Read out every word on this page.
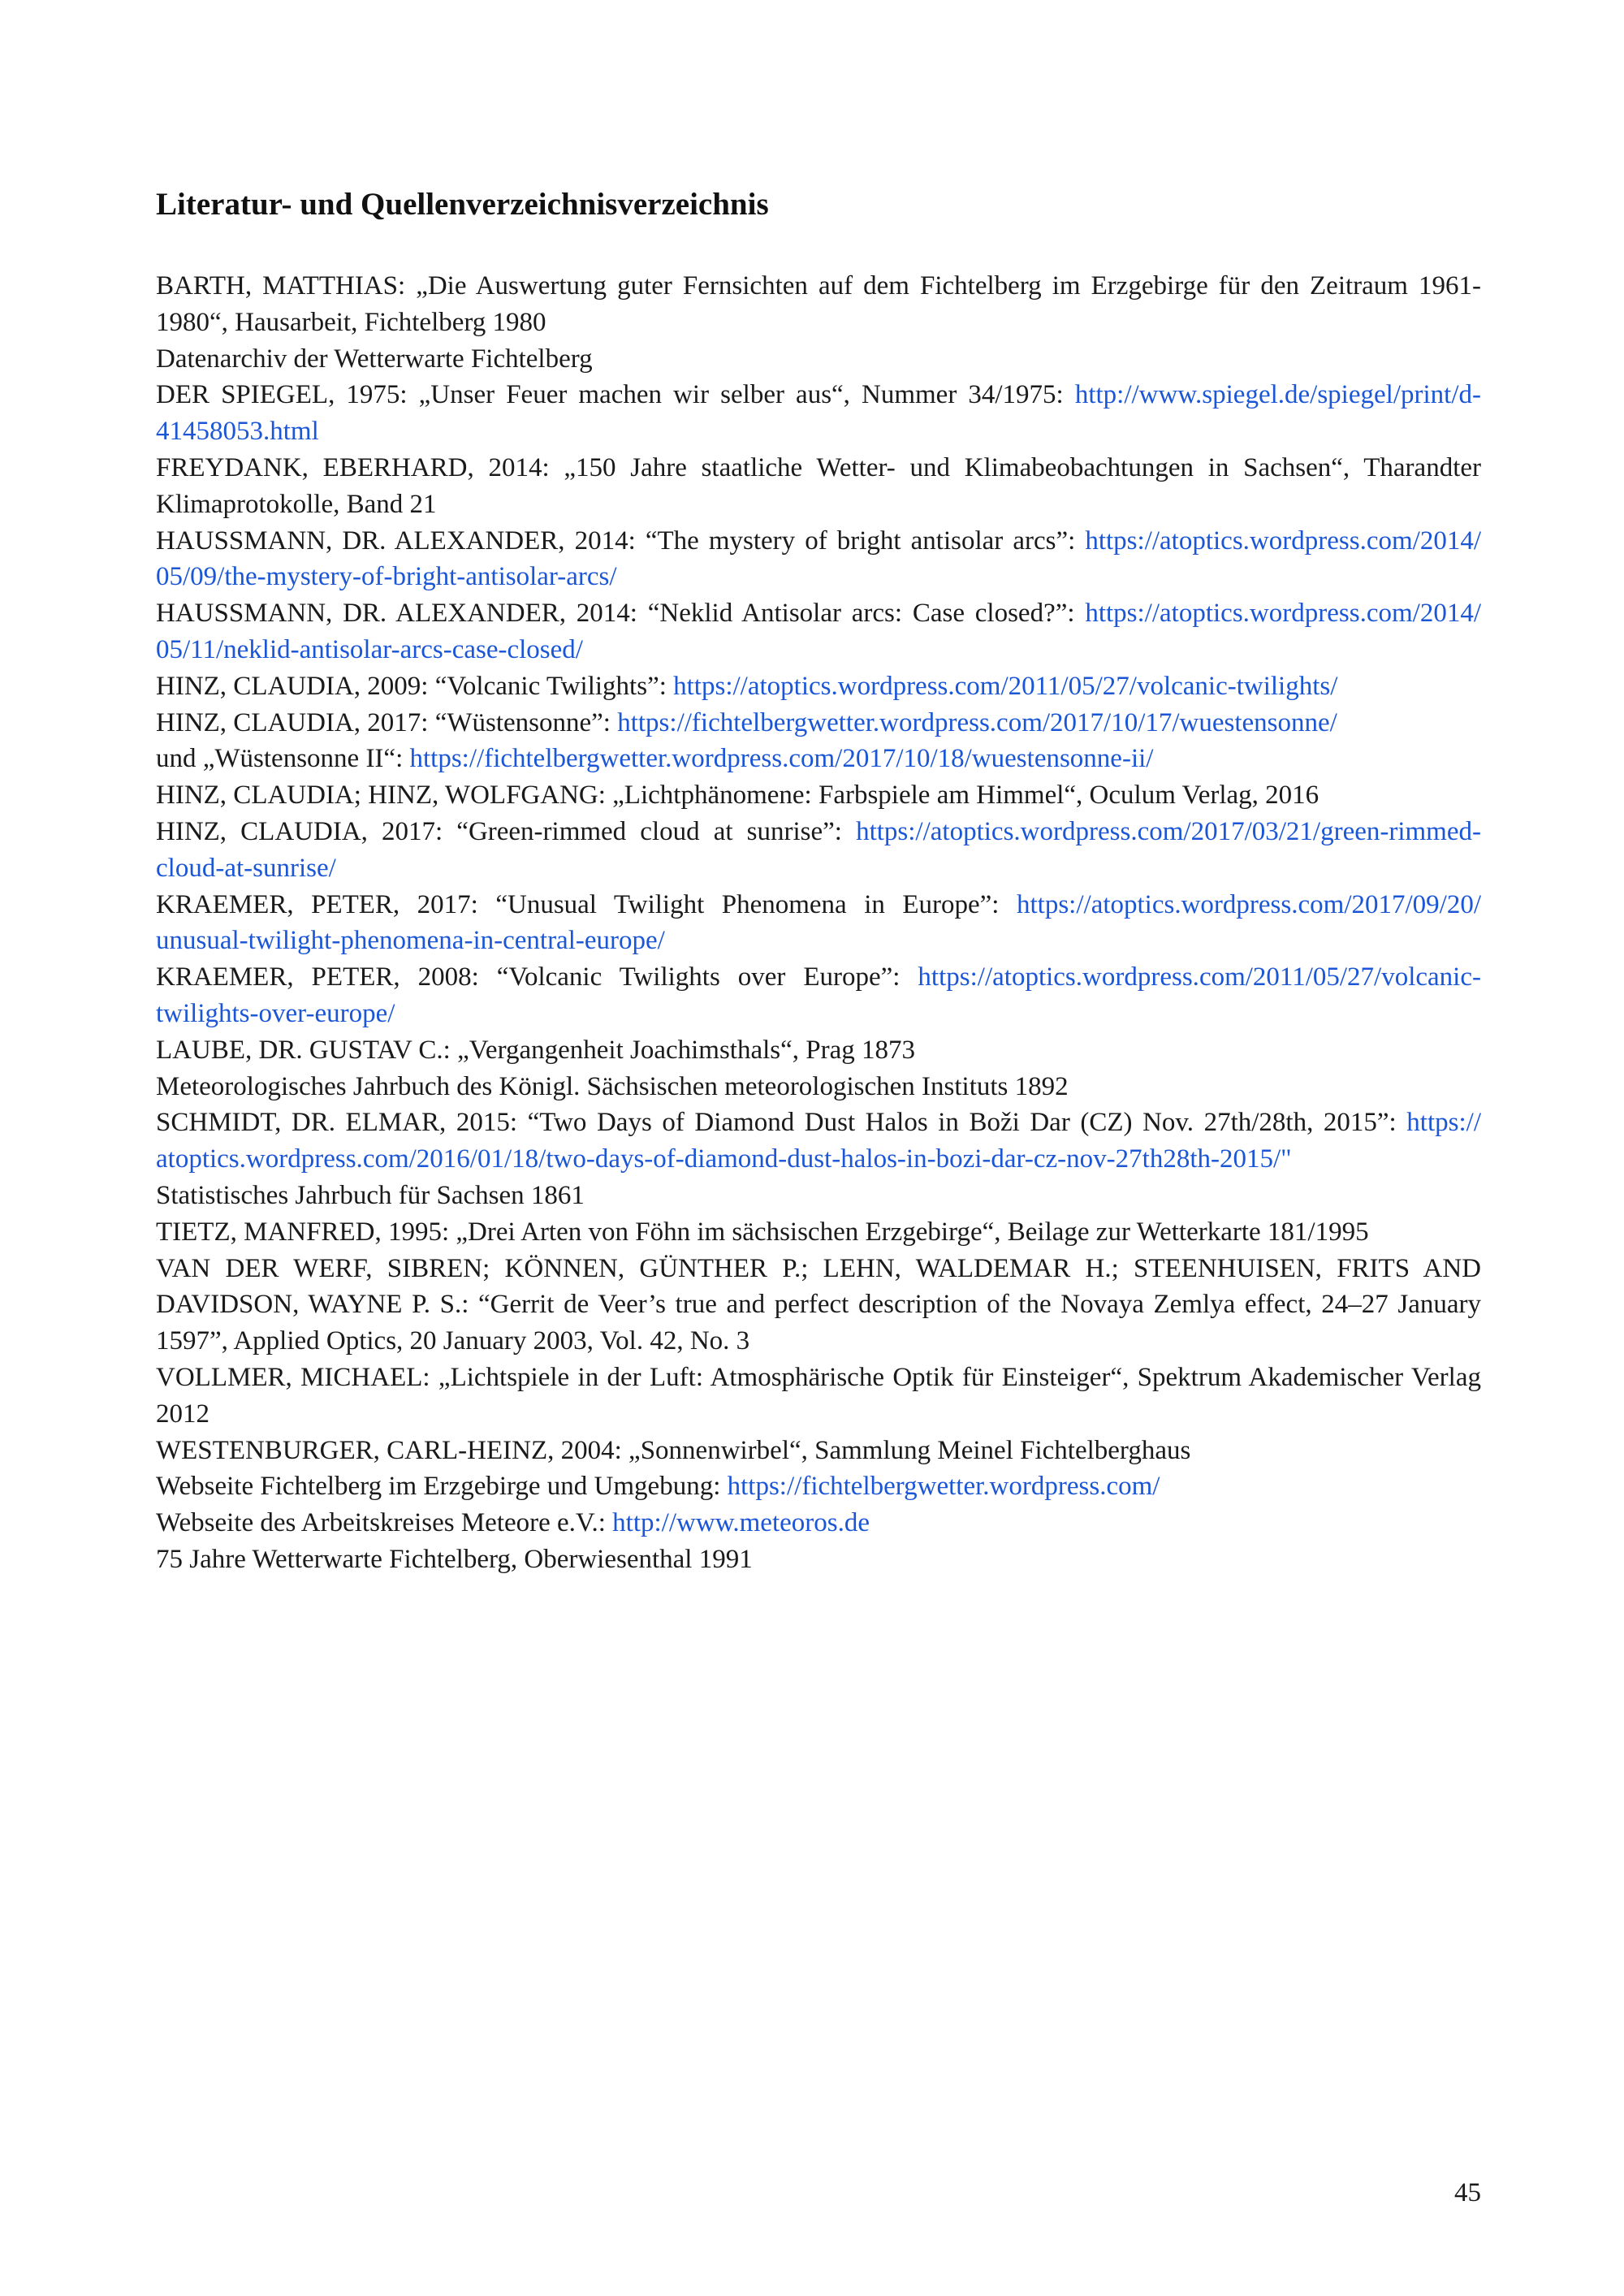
Literatur- und Quellenverzeichnisverzeichnis

BARTH, MATTHIAS: „Die Auswertung guter Fernsichten auf dem Fichtelberg im Erzgebirge für den Zeitraum 1961-1980“, Hausarbeit, Fichtelberg 1980

Datenarchiv der Wetterwarte Fichtelberg

DER SPIEGEL, 1975: „Unser Feuer machen wir selber aus“, Nummer 34/1975: http://www.spiegel.de/spiegel/print/d-41458053.html

FREYDANK, EBERHARD, 2014: „150 Jahre staatliche Wetter- und Klimabeobachtungen in Sachsen“, Tharandter Klimaprotokolle, Band 21

HAUSSMANN, DR. ALEXANDER, 2014: “The mystery of bright antisolar arcs”: https://atoptics.wordpress.com/2014/05/09/the-mystery-of-bright-antisolar-arcs/

HAUSSMANN, DR. ALEXANDER, 2014: “Neklid Antisolar arcs: Case closed?”: https://atoptics.wordpress.com/2014/05/11/neklid-antisolar-arcs-case-closed/

HINZ, CLAUDIA, 2009: “Volcanic Twilights”: https://atoptics.wordpress.com/2011/05/27/volcanic-twilights/

HINZ, CLAUDIA, 2017: “Wüstensonne”: https://fichtelbergwetter.wordpress.com/2017/10/17/wuestensonne/

und „Wüstensonne II“: https://fichtelbergwetter.wordpress.com/2017/10/18/wuestensonne-ii/

HINZ, CLAUDIA; HINZ, WOLFGANG: „Lichtphänomene: Farbspiele am Himmel“, Oculum Verlag, 2016

HINZ, CLAUDIA, 2017: “Green-rimmed cloud at sunrise”: https://atoptics.wordpress.com/2017/03/21/green-rimmed-cloud-at-sunrise/

KRAEMER, PETER, 2017: “Unusual Twilight Phenomena in Europe”: https://atoptics.wordpress.com/2017/09/20/unusual-twilight-phenomena-in-central-europe/

KRAEMER, PETER, 2008: “Volcanic Twilights over Europe”: https://atoptics.wordpress.com/2011/05/27/volcanic-twilights-over-europe/

LAUBE, DR. GUSTAV C.: „Vergangenheit Joachimsthals“, Prag 1873

Meteorologisches Jahrbuch des Königl. Sächsischen meteorologischen Instituts 1892

SCHMIDT, DR. ELMAR, 2015: “Two Days of Diamond Dust Halos in Boži Dar (CZ) Nov. 27th/28th, 2015”: https://atoptics.wordpress.com/2016/01/18/two-days-of-diamond-dust-halos-in-bozi-dar-cz-nov-27th28th-2015/"

Statistisches Jahrbuch für Sachsen 1861

TIETZ, MANFRED, 1995: „Drei Arten von Föhn im sächsischen Erzgebirge“, Beilage zur Wetterkarte 181/1995

VAN DER WERF, SIBREN; KÖNNEN, GÜNTHER P.; LEHN, WALDEMAR H.; STEENHUISEN, FRITS AND DAVIDSON, WAYNE P. S.: “Gerrit de Veer’s true and perfect description of the Novaya Zemlya effect, 24–27 January 1597”, Applied Optics, 20 January 2003, Vol. 42, No. 3

VOLLMER, MICHAEL: „Lichtspiele in der Luft: Atmosphärische Optik für Einsteiger“, Spektrum Akademischer Verlag 2012

WESTENBURGER, CARL-HEINZ, 2004: „Sonnenwirbel“, Sammlung Meinel Fichtelberghaus

Webseite Fichtelberg im Erzgebirge und Umgebung: https://fichtelbergwetter.wordpress.com/

Webseite des Arbeitskreises Meteore e.V.: http://www.meteoros.de

75 Jahre Wetterwarte Fichtelberg, Oberwiesenthal 1991

45
